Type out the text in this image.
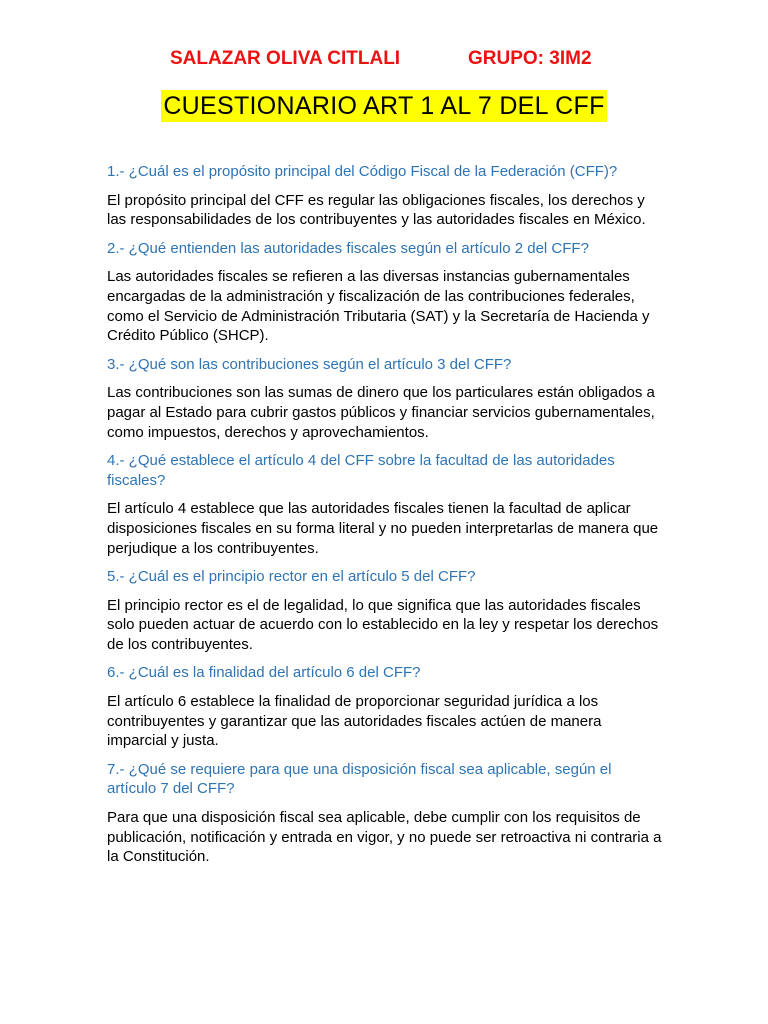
SALAZAR OLIVA CITLALI	GRUPO: 3IM2
CUESTIONARIO ART 1 AL 7 DEL CFF

1.- ¿Cuál es el propósito principal del Código Fiscal de la Federación (CFF)?

El propósito principal del CFF es regular las obligaciones fiscales, los derechos y las responsabilidades de los contribuyentes y las autoridades fiscales en México.

2.- ¿Qué entienden las autoridades fiscales según el artículo 2 del CFF?

Las autoridades fiscales se refieren a las diversas instancias gubernamentales encargadas de la administración y fiscalización de las contribuciones federales, como el Servicio de Administración Tributaria (SAT) y la Secretaría de Hacienda y Crédito Público (SHCP).

3.- ¿Qué son las contribuciones según el artículo 3 del CFF?

Las contribuciones son las sumas de dinero que los particulares están obligados a pagar al Estado para cubrir gastos públicos y financiar servicios gubernamentales, como impuestos, derechos y aprovechamientos.

4.- ¿Qué establece el artículo 4 del CFF sobre la facultad de las autoridades fiscales?

El artículo 4 establece que las autoridades fiscales tienen la facultad de aplicar disposiciones fiscales en su forma literal y no pueden interpretarlas de manera que perjudique a los contribuyentes.

5.- ¿Cuál es el principio rector en el artículo 5 del CFF?

El principio rector es el de legalidad, lo que significa que las autoridades fiscales solo pueden actuar de acuerdo con lo establecido en la ley y respetar los derechos de los contribuyentes.

6.- ¿Cuál es la finalidad del artículo 6 del CFF?

El artículo 6 establece la finalidad de proporcionar seguridad jurídica a los contribuyentes y garantizar que las autoridades fiscales actúen de manera imparcial y justa.

7.- ¿Qué se requiere para que una disposición fiscal sea aplicable, según el artículo 7 del CFF?

Para que una disposición fiscal sea aplicable, debe cumplir con los requisitos de publicación, notificación y entrada en vigor, y no puede ser retroactiva ni contraria a la Constitución.
